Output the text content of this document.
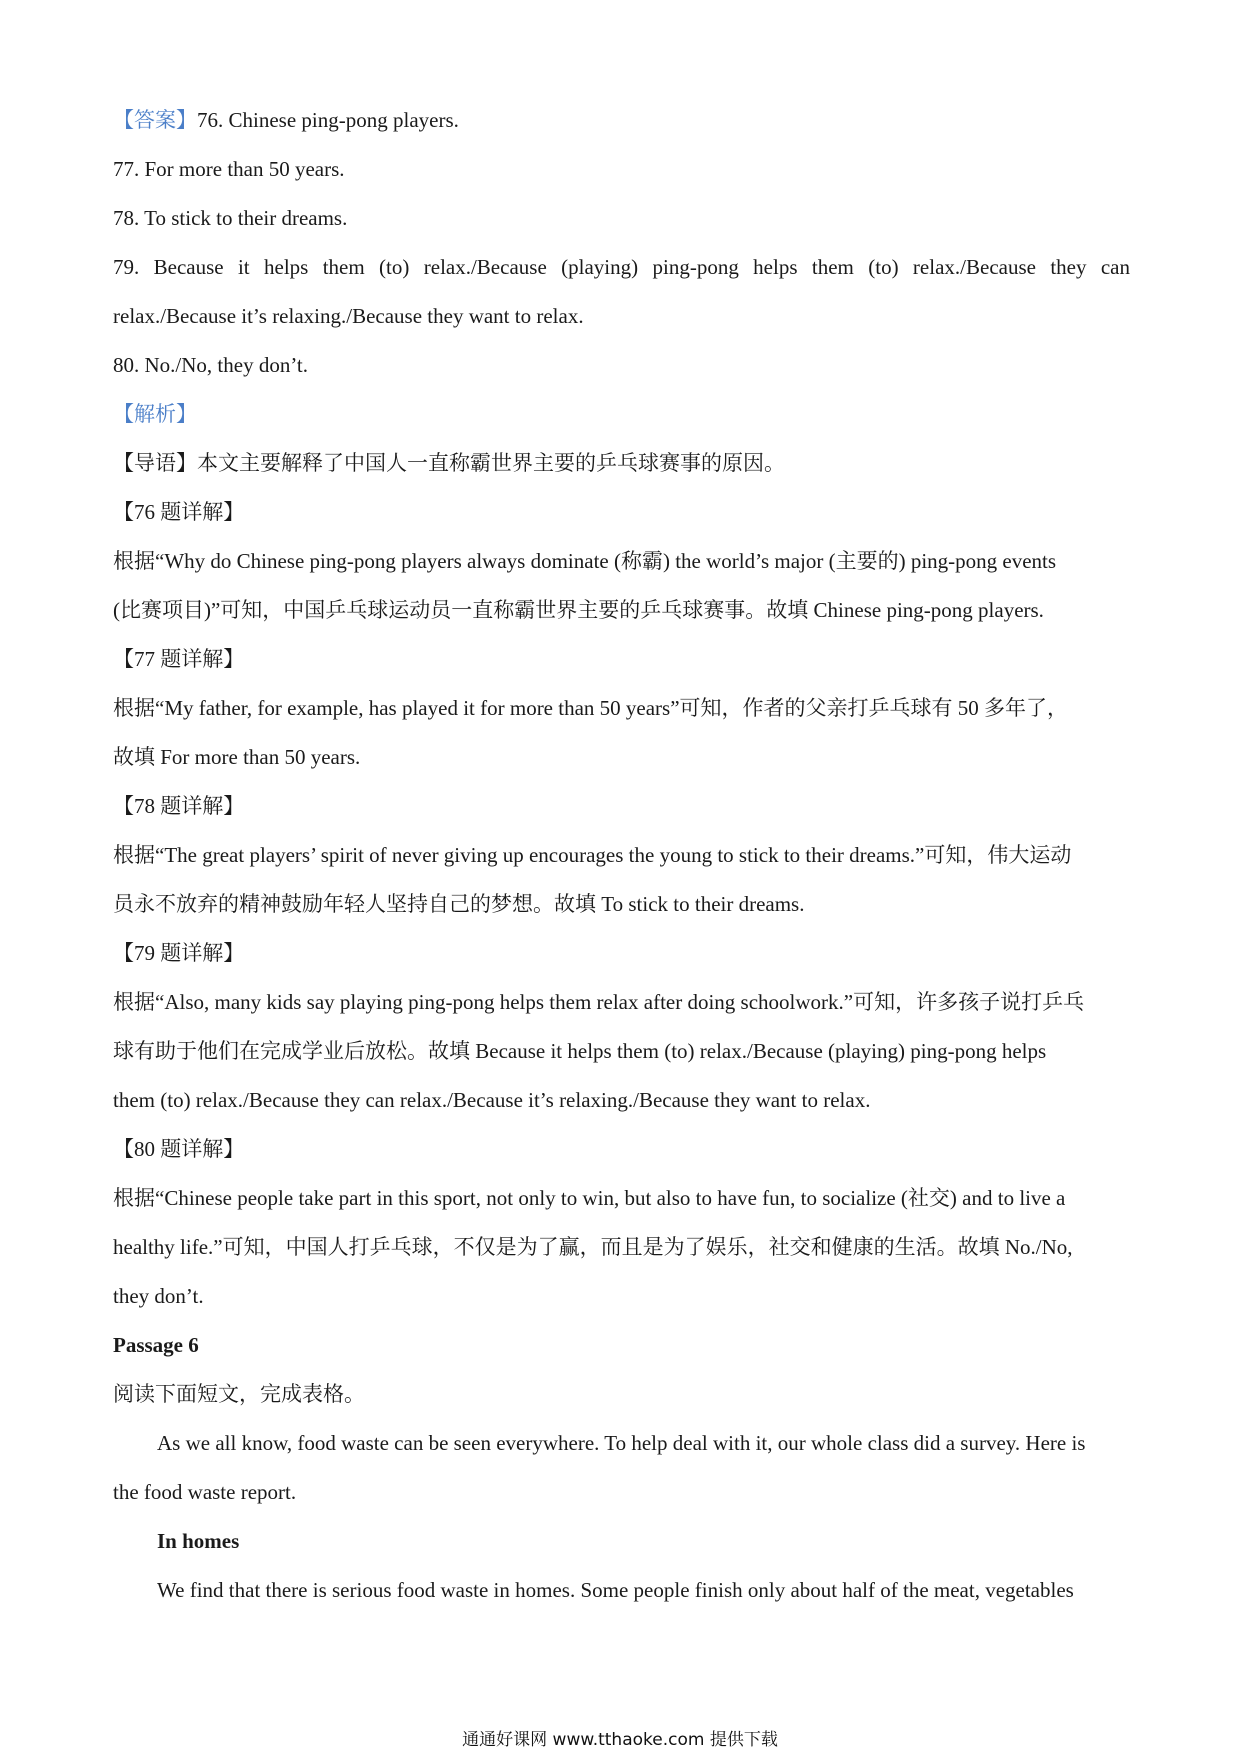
【答案】76. Chinese ping-pong players.
77. For more than 50 years.
78. To stick to their dreams.
79. Because it helps them (to) relax./Because (playing) ping-pong helps them (to) relax./Because they can
relax./Because it’s relaxing./Because they want to relax.
80. No./No, they don’t.
【解析】
【导语】本文主要解释了中国人一直称霸世界主要的乒乓球赛事的原因。
【76 题详解】
根据“Why do Chinese ping-pong players always dominate (称霸) the world’s major (主要的) ping-pong events
(比赛项目)”可知，中国乒乓球运动员一直称霸世界主要的乒乓球赛事。故填 Chinese ping-pong players.
【77 题详解】
根据“My father, for example, has played it for more than 50 years”可知，作者的父亲打乒乓球有 50 多年了，
故填 For more than 50 years.
【78 题详解】
根据“The great players’ spirit of never giving up encourages the young to stick to their dreams.”可知，伟大运动
员永不放弃的精神鼓励年轻人坚持自己的梦想。故填 To stick to their dreams.
【79 题详解】
根据“Also, many kids say playing ping-pong helps them relax after doing schoolwork.”可知，许多孩子说打乒乓
球有助于他们在完成学业后放松。故填 Because it helps them (to) relax./Because (playing) ping-pong helps
them (to) relax./Because they can relax./Because it’s relaxing./Because they want to relax.
【80 题详解】
根据“Chinese people take part in this sport, not only to win, but also to have fun, to socialize (社交) and to live a
healthy life.”可知，中国人打乒乓球，不仅是为了赢，而且是为了娱乐，社交和健康的生活。故填 No./No,
they don’t.
Passage 6
阅读下面短文，完成表格。
As we all know, food waste can be seen everywhere. To help deal with it, our whole class did a survey. Here is
the food waste report.
In homes
We find that there is serious food waste in homes. Some people finish only about half of the meat, vegetables
通通好课网 www.tthaoke.com 提供下载
